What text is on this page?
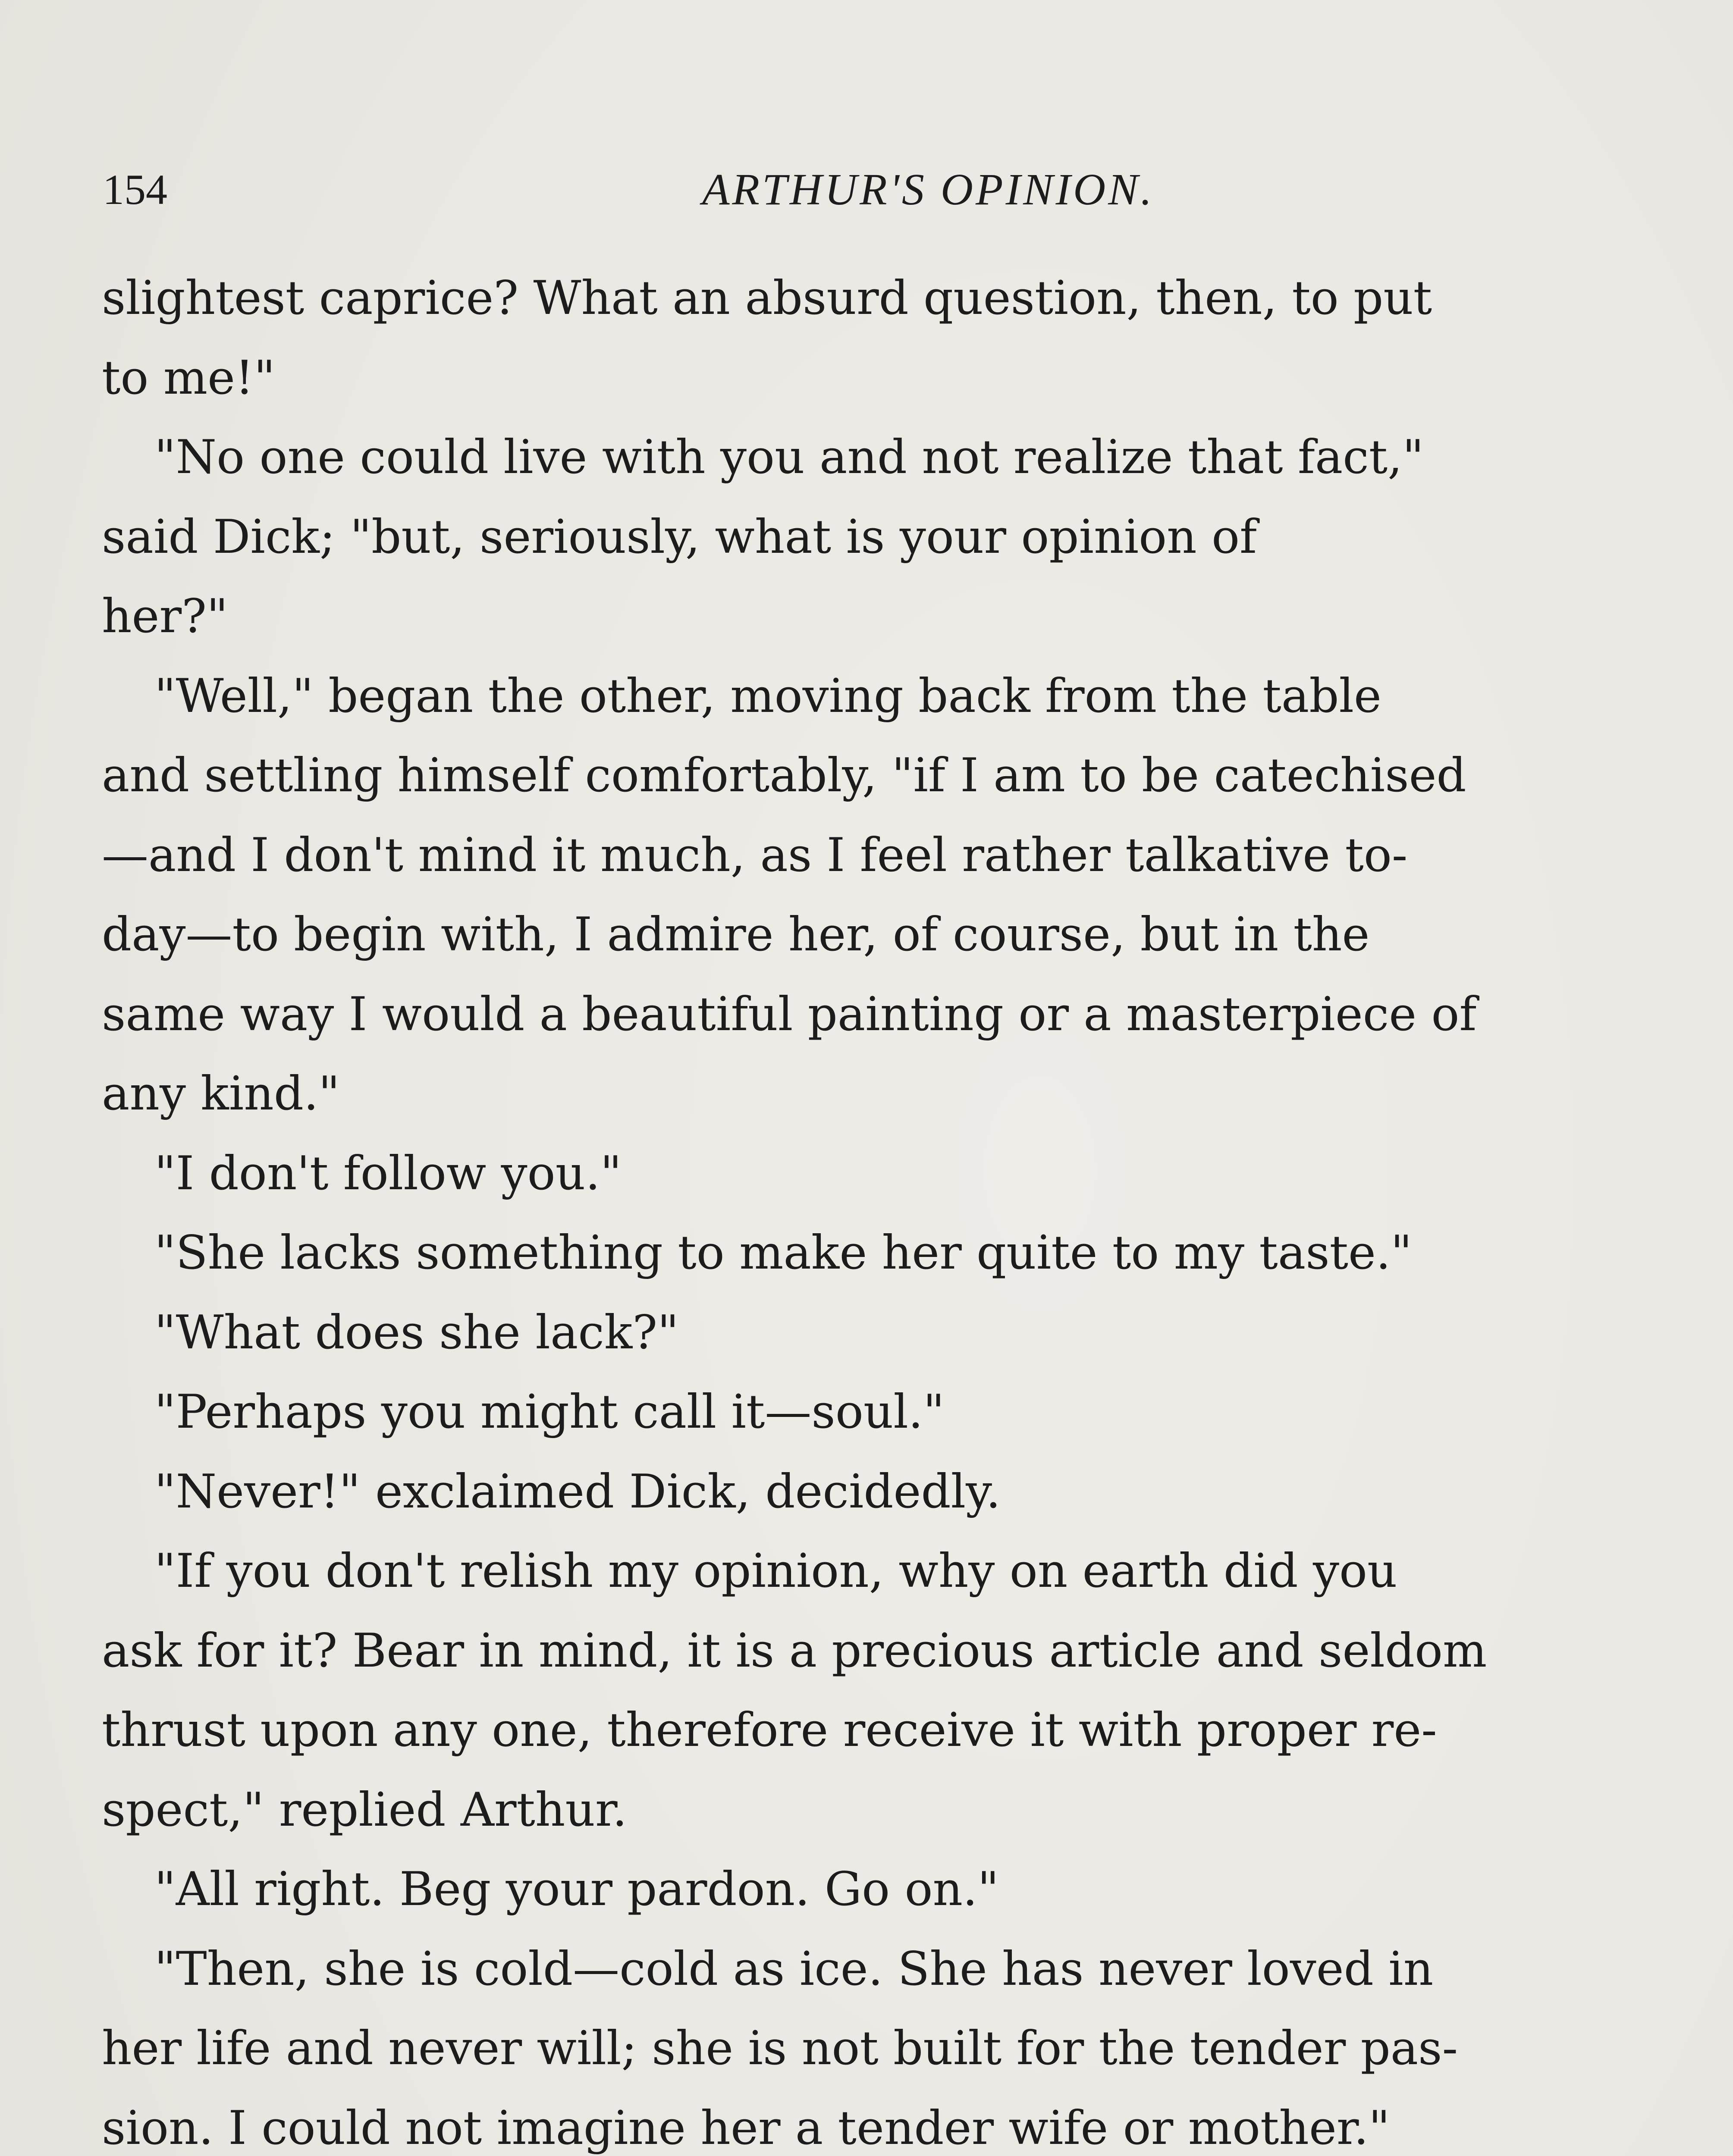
154	ARTHUR'S OPINION.

slightest caprice? What an absurd question, then, to put
to me!"

"No one could live with you and not realize that fact,"
said Dick; "but, seriously, what is your opinion of
her?"

"Well," began the other, moving back from the table
and settling himself comfortably, "if I am to be catechised
—and I don't mind it much, as I feel rather talkative to-
day—to begin with, I admire her, of course, but in the
same way I would a beautiful painting or a masterpiece of
any kind."

"I don't follow you."

"She lacks something to make her quite to my taste."

"What does she lack?"

"Perhaps you might call it—soul."

"Never!" exclaimed Dick, decidedly.

"If you don't relish my opinion, why on earth did you
ask for it? Bear in mind, it is a precious article and seldom
thrust upon any one, therefore receive it with proper re-
spect," replied Arthur.

"All right. Beg your pardon. Go on."

"Then, she is cold—cold as ice. She has never loved in
her life and never will; she is not built for the tender pas-
sion. I could not imagine her a tender wife or mother."
